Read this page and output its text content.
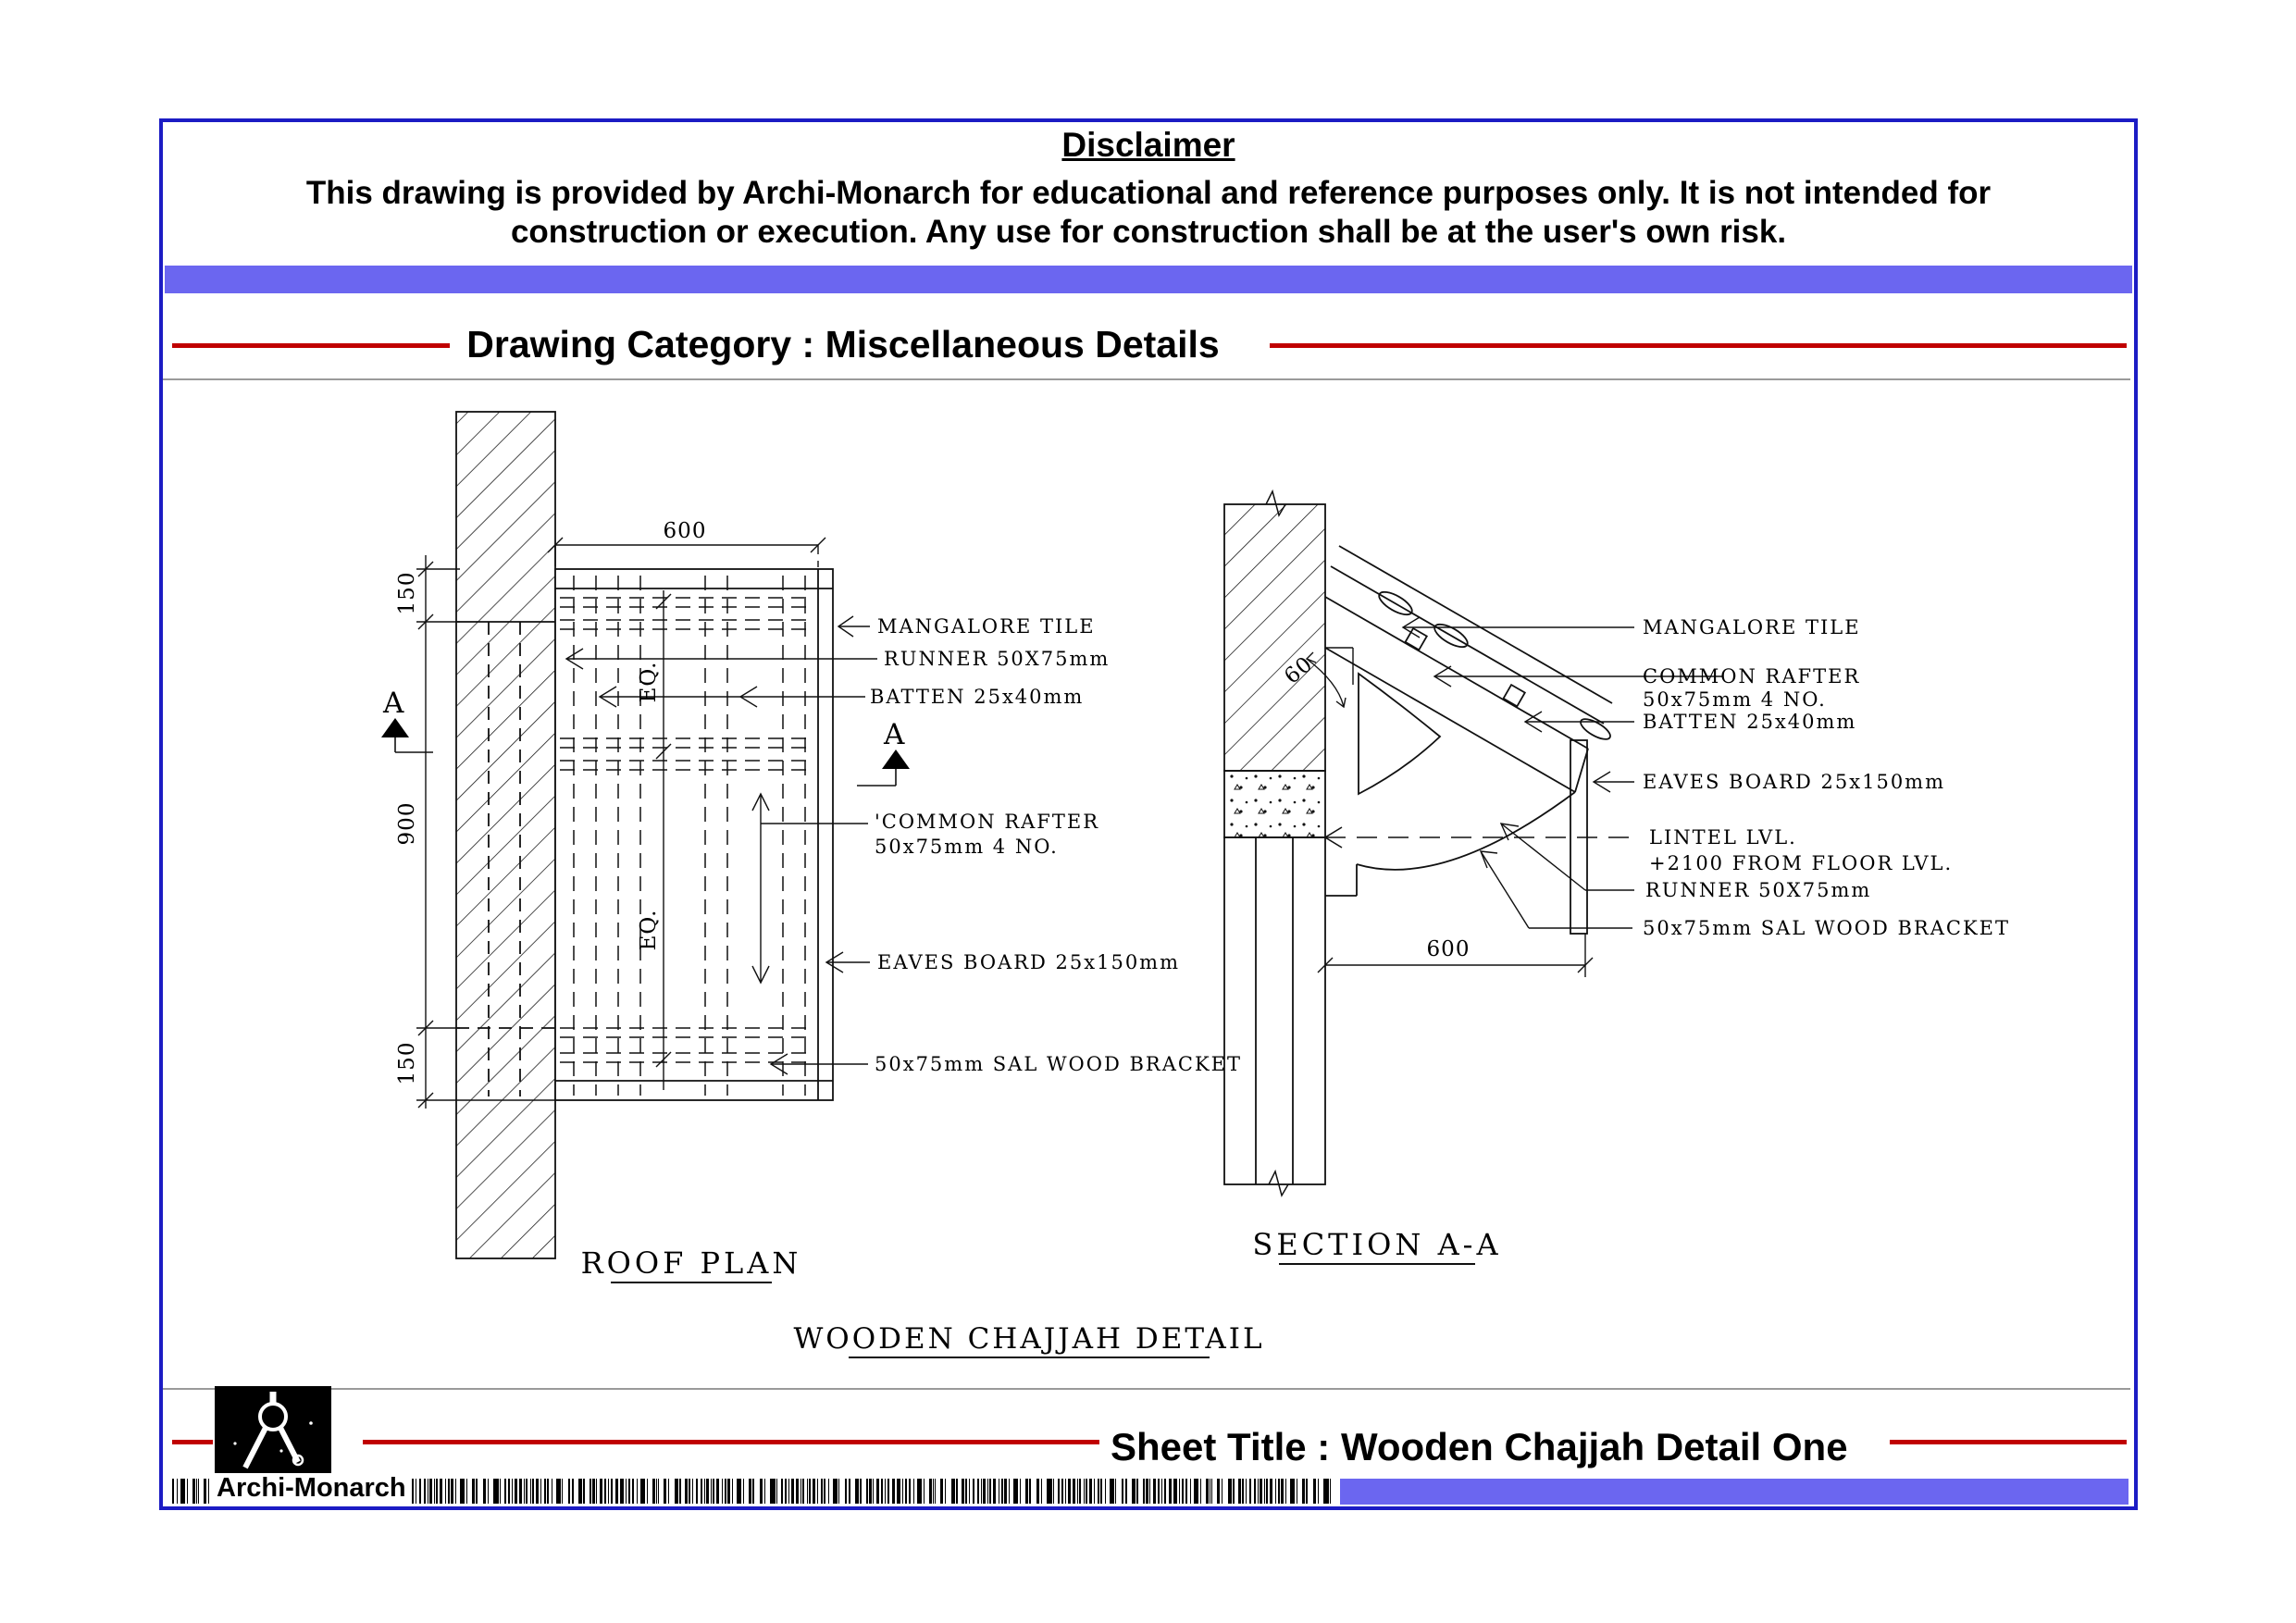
Disclaimer
This drawing is provided by Archi-Monarch for educational and reference purposes only. It is not intended for
construction or execution. Any use for construction shall be at the user's own risk.
Drawing Category : Miscellaneous Details
600
150
900
150
EQ.
EQ.
A
A
MANGALORE TILE
RUNNER 50X75mm
BATTEN 25x40mm
'COMMON RAFTER
50x75mm 4 NO.
EAVES BOARD 25x150mm
50x75mm SAL WOOD BRACKET
ROOF PLAN
MANGALORE TILE
COMMON RAFTER
50x75mm 4 NO.
BATTEN 25x40mm
EAVES BOARD 25x150mm
LINTEL LVL.
+2100 FROM FLOOR LVL.
RUNNER 50X75mm
50x75mm SAL WOOD BRACKET
600
60
SECTION A-A
WOODEN CHAJJAH DETAIL
Sheet Title : Wooden Chajjah Detail One
Archi-Monarch
